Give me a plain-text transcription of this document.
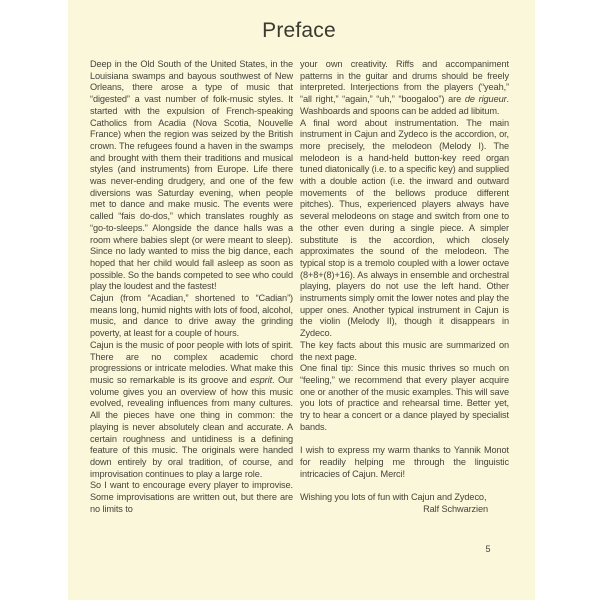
Preface

Deep in the Old South of the United States, in the Louisiana swamps and bayous southwest of New Orleans, there arose a type of music that “digested” a vast number of folk-music styles. It started with the expulsion of French-speaking Catholics from Acadia (Nova Scotia, Nouvelle France) when the region was seized by the British crown. The refugees found a haven in the swamps and brought with them their traditions and musical styles (and instruments) from Europe. Life there was never-ending drudgery, and one of the few diversions was Saturday evening, when people met to dance and make music. The events were called “fais do-dos,” which translates roughly as “go-to-sleeps.” Alongside the dance halls was a room where babies slept (or were meant to sleep). Since no lady wanted to miss the big dance, each hoped that her child would fall asleep as soon as possible. So the bands competed to see who could play the loudest and the fastest!

Cajun (from “Acadian,” shortened to “Cadian”) means long, humid nights with lots of food, alcohol, music, and dance to drive away the grinding poverty, at least for a couple of hours.

Cajun is the music of poor people with lots of spirit. There are no complex academic chord progressions or intricate melodies. What make this music so remarkable is its groove and esprit. Our volume gives you an overview of how this music evolved, revealing influences from many cultures. All the pieces have one thing in common: the playing is never absolutely clean and accurate. A certain roughness and untidiness is a defining feature of this music. The originals were handed down entirely by oral tradition, of course, and improvisation continues to play a large role.

So I want to encourage every player to improvise. Some improvisations are written out, but there are no limits to

your own creativity. Riffs and accompaniment patterns in the guitar and drums should be freely interpreted. Interjections from the players (“yeah,” “all right,” “again,” “uh,” “boogaloo”) are de rigueur. Washboards and spoons can be added ad libitum.

A final word about instrumentation. The main instrument in Cajun and Zydeco is the accordion, or, more precisely, the melodeon (Melody I). The melodeon is a hand-held button-key reed organ tuned diatonically (i.e. to a specific key) and supplied with a double action (i.e. the inward and outward movements of the bellows produce different pitches). Thus, experienced players always have several melodeons on stage and switch from one to the other even during a single piece. A simpler substitute is the accordion, which closely approximates the sound of the melodeon. The typical stop is a tremolo coupled with a lower octave (8+8+(8)+16). As always in ensemble and orchestral playing, players do not use the left hand. Other instruments simply omit the lower notes and play the upper ones. Another typical instrument in Cajun is the violin (Melody II), though it disappears in Zydeco.

The key facts about this music are summarized on the next page.

One final tip: Since this music thrives so much on “feeling,” we recommend that every player acquire one or another of the music examples. This will save you lots of practice and rehearsal time. Better yet, try to hear a concert or a dance played by specialist bands.

I wish to express my warm thanks to Yannik Monot for readily helping me through the linguistic intricacies of Cajun. Merci!

Wishing you lots of fun with Cajun and Zydeco,

Ralf Schwarzien

5
